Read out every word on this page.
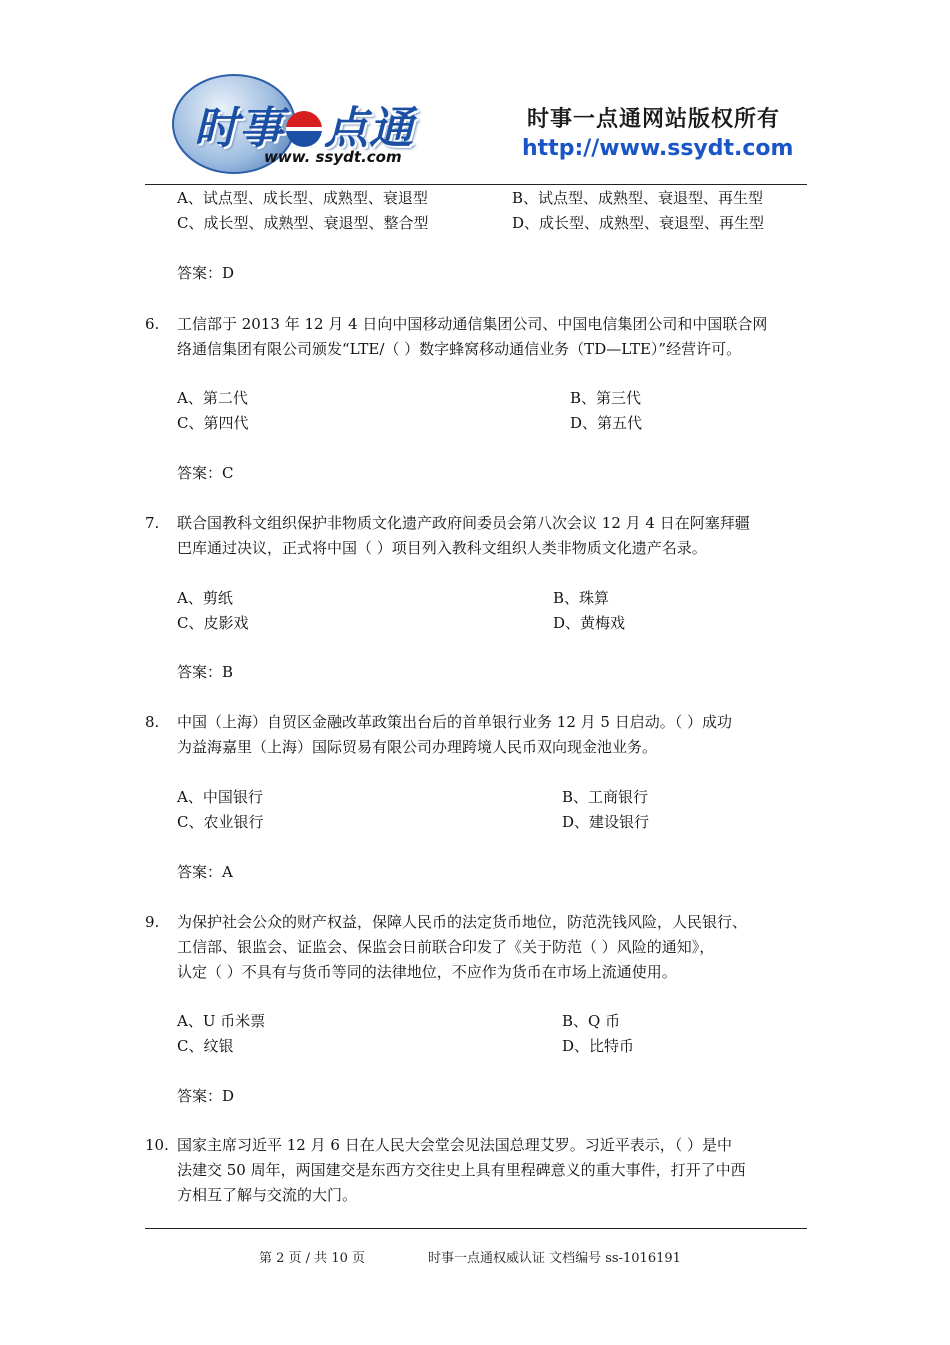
时事 点通
www. ssydt.com
时事一点通网站版权所有
http://www.ssydt.com
A、试点型、成长型、成熟型、衰退型	B、试点型、成熟型、衰退型、再生型
C、成长型、成熟型、衰退型、整合型	D、成长型、成熟型、衰退型、再生型
答案：D
6. 工信部于 2013 年 12 月 4 日向中国移动通信集团公司、中国电信集团公司和中国联合网
络通信集团有限公司颁发“LTE/（ ）数字蜂窝移动通信业务（TD—LTE）”经营许可。
A、第二代	B、第三代
C、第四代	D、第五代
答案：C
7. 联合国教科文组织保护非物质文化遗产政府间委员会第八次会议 12 月 4 日在阿塞拜疆
巴库通过决议，正式将中国（ ）项目列入教科文组织人类非物质文化遗产名录。
A、剪纸	B、珠算
C、皮影戏	D、黄梅戏
答案：B
8. 中国（上海）自贸区金融改革政策出台后的首单银行业务 12 月 5 日启动。（ ）成功
为益海嘉里（上海）国际贸易有限公司办理跨境人民币双向现金池业务。
A、中国银行	B、工商银行
C、农业银行	D、建设银行
答案：A
9. 为保护社会公众的财产权益，保障人民币的法定货币地位，防范洗钱风险，人民银行、
工信部、银监会、证监会、保监会日前联合印发了《关于防范（ ）风险的通知》，
认定（ ）不具有与货币等同的法律地位，不应作为货币在市场上流通使用。
A、U 币米票	B、Q 币
C、纹银	D、比特币
答案：D
10. 国家主席习近平 12 月 6 日在人民大会堂会见法国总理艾罗。习近平表示，（ ）是中
法建交 50 周年，两国建交是东西方交往史上具有里程碑意义的重大事件，打开了中西
方相互了解与交流的大门。
第 2 页 / 共 10 页	时事一点通权威认证 文档编号 ss-1016191
